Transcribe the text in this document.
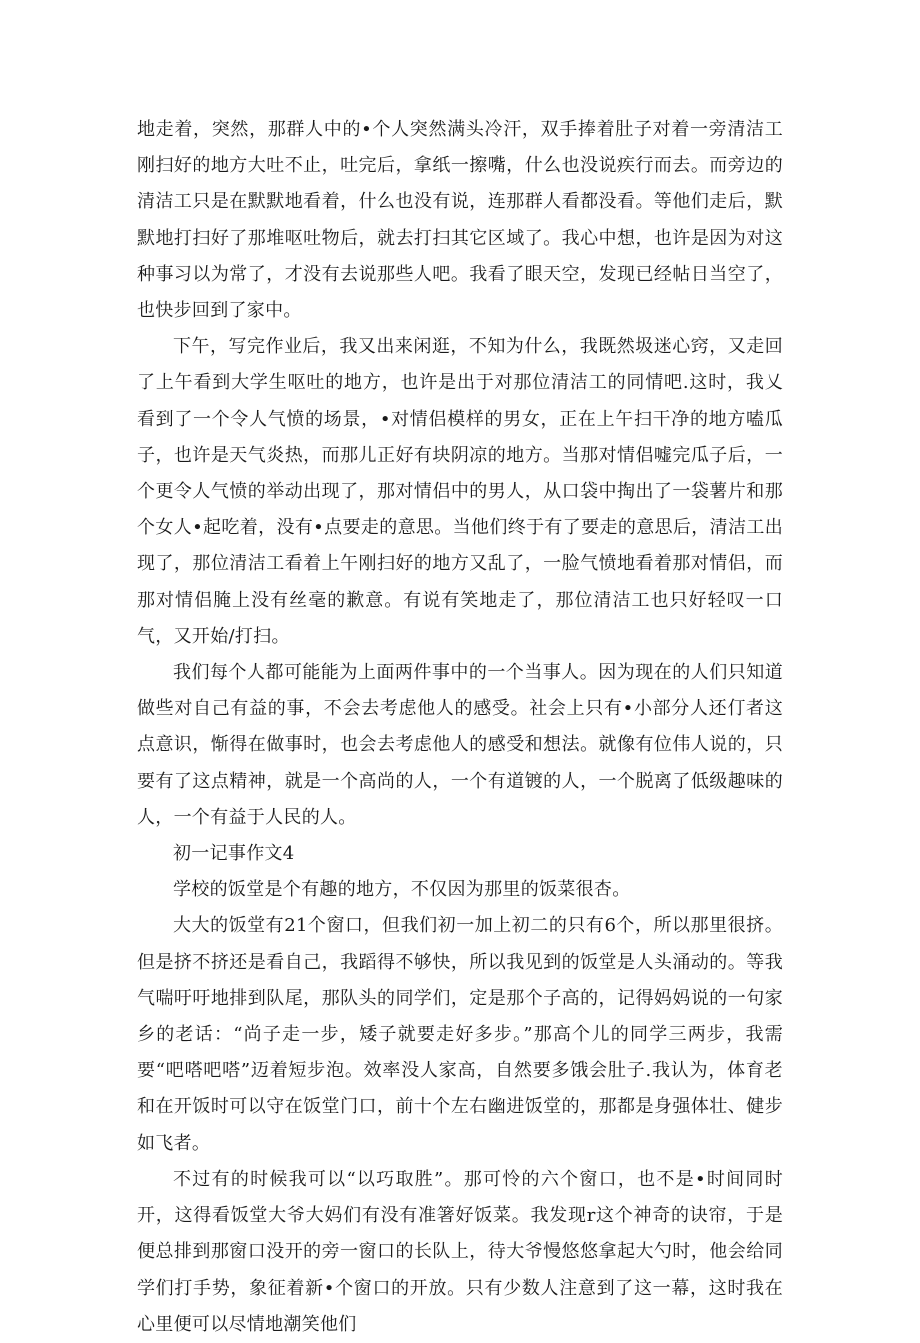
地走着，突然，那群人中的•个人突然满头冷汗，双手捧着肚子对着一旁清洁工刚扫好的地方大吐不止，吐完后，拿纸一擦嘴，什么也没说疾行而去。而旁边的清洁工只是在默默地看着，什么也没有说，连那群人看都没看。等他们走后，默默地打扫好了那堆呕吐物后，就去打扫其它区域了。我心中想，也许是因为对这种事习以为常了，才没有去说那些人吧。我看了眼天空，发现已经帖日当空了，也快步回到了家中。

下午，写完作业后，我又出来闲逛，不知为什么，我既然圾迷心窍，又走回了上午看到大学生呕吐的地方，也许是出于对那位清洁工的同情吧.这时，我乂看到了一个令人气愤的场景，•对情侣模样的男女，正在上午扫干净的地方嗑瓜子，也许是天气炎热，而那儿正好有块阴凉的地方。当那对情侣嘘完瓜子后，一个更令人气愤的举动出现了，那对情侣中的男人，从口袋中掏出了一袋薯片和那个女人•起吃着，没有•点要走的意思。当他们终于有了要走的意思后，清洁工出现了，那位清洁工看着上午刚扫好的地方又乱了，一脸气愤地看着那对情侣，而那对情侣腌上没有丝毫的歉意。有说有笑地走了，那位清洁工也只好轻叹一口气，又开始/打扫。

我们每个人都可能能为上面两件事中的一个当事人。因为现在的人们只知道做些对自己有益的事，不会去考虑他人的感受。社会上只有•小部分人还仃者这点意识，惭得在做事时，也会去考虑他人的感受和想法。就像有位伟人说的，只要有了这点精神，就是一个高尚的人，一个有道镀的人，一个脱离了低级趣味的人，一个有益于人民的人。

初一记事作文4

学校的饭堂是个有趣的地方，不仅因为那里的饭菜很杏。

大大的饭堂有21个窗口，但我们初一加上初二的只有6个，所以那里很挤。但是挤不挤还是看自己，我蹈得不够快，所以我见到的饭堂是人头涌动的。等我气喘吁吁地排到队尾，那队头的同学们，定是那个子高的，记得妈妈说的一句家乡的老话：“尚子走一步，矮子就要走好多步。”那高个儿的同学三两步，我需要“吧嗒吧嗒”迈着短步泡。效率没人家高，自然要多饿会肚子.我认为，体育老和在开饭时可以守在饭堂门口，前十个左右幽进饭堂的，那都是身强体壮、健步如飞者。

不过有的时候我可以“以巧取胜”。那可怜的六个窗口，也不是•时间同时开，这得看饭堂大爷大妈们有没有准箸好饭菜。我发现r这个神奇的诀帘，于是便总排到那窗口没开的旁一窗口的长队上，待大爷慢悠悠拿起大勺时，他会给同学们打手势，象征着新•个窗口的开放。只有少数人注意到了这一幕，这时我在心里便可以尽情地潮笑他们
